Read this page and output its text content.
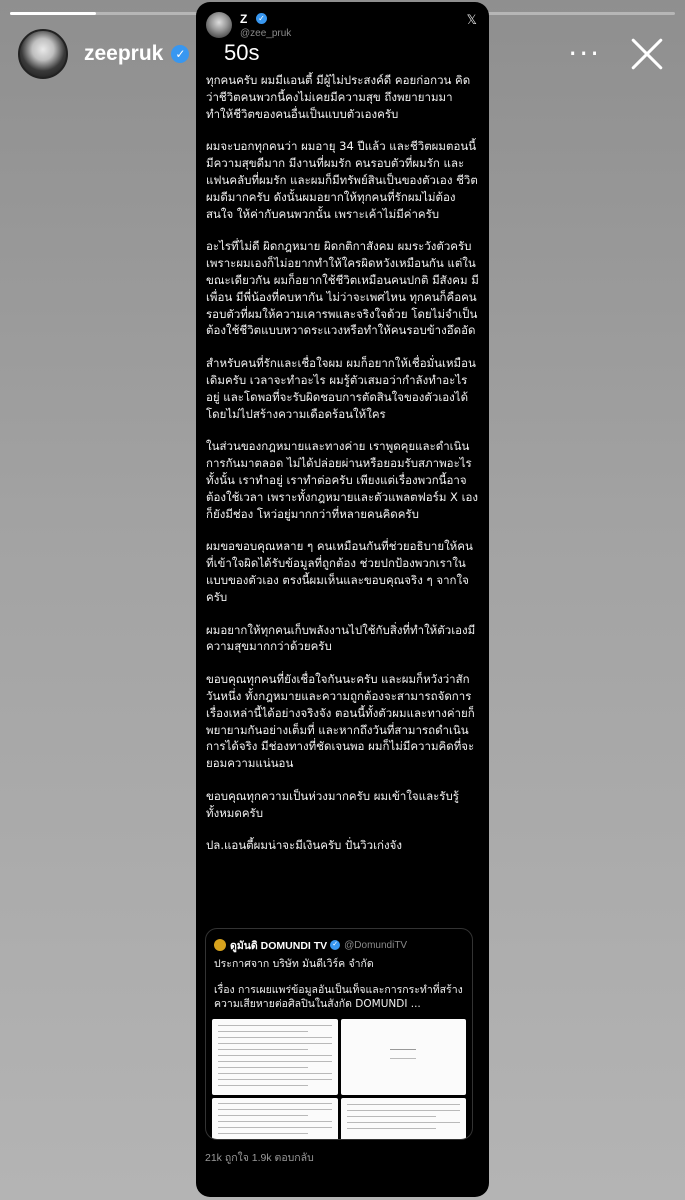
zeepruk ✓	···
Z ✓
@zee_pruk
𝕏
50s

ทุกคนครับ ผมมีแอนตี้ มีผู้ไม่ประสงค์ดี คอยก่อกวน คิดว่าชีวิตคนพวกนี้คงไม่เคยมีความสุข ถึงพยายามมาทำให้ชีวิตของคนอื่นเป็นแบบตัวเองครับ

ผมจะบอกทุกคนว่า ผมอายุ 34 ปีแล้ว และชีวิตผมตอนนี้มีความสุขดีมาก มีงานที่ผมรัก คนรอบตัวที่ผมรัก และแฟนคลับที่ผมรัก และผมก็มีทรัพย์สินเป็นของตัวเอง ชีวิตผมดีมากครับ ดังนั้นผมอยากให้ทุกคนที่รักผมไม่ต้องสนใจ ให้ค่ากับคนพวกนั้น เพราะเค้าไม่มีค่าครับ

อะไรที่ไม่ดี ผิดกฎหมาย ผิดกติกาสังคม ผมระวังตัวครับ เพราะผมเองก็ไม่อยากทำให้ใครผิดหวังเหมือนกัน แต่ในขณะเดียวกัน ผมก็อยากใช้ชีวิตเหมือนคนปกติ มีสังคม มีเพื่อน มีพี่น้องที่คบหากัน ไม่ว่าจะเพศไหน ทุกคนก็คือคนรอบตัวที่ผมให้ความเคารพและจริงใจด้วย โดยไม่จำเป็นต้องใช้ชีวิตแบบหวาดระแวงหรือทำให้คนรอบข้างอึดอัด

สำหรับคนที่รักและเชื่อใจผม ผมก็อยากให้เชื่อมั่นเหมือนเดิมครับ เวลาจะทำอะไร ผมรู้ตัวเสมอว่ากำลังทำอะไรอยู่ และโดพอที่จะรับผิดชอบการตัดสินใจของตัวเองได้ โดยไม่ไปสร้างความเดือดร้อนให้ใคร

ในส่วนของกฎหมายและทางค่าย เราพูดคุยและดำเนินการกันมาตลอด ไม่ได้ปล่อยผ่านหรือยอมรับสภาพอะไรทั้งนั้น เราทำอยู่ เราทำต่อครับ เพียงแต่เรื่องพวกนี้อาจต้องใช้เวลา เพราะทั้งกฎหมายและตัวแพลตฟอร์ม X เองก็ยังมีช่อง โหว่อยู่มากกว่าที่หลายคนคิดครับ

ผมขอขอบคุณหลาย ๆ คนเหมือนกันที่ช่วยอธิบายให้คนที่เข้าใจผิดได้รับข้อมูลที่ถูกต้อง ช่วยปกป้องพวกเราในแบบของตัวเอง ตรงนี้ผมเห็นและขอบคุณจริง ๆ จากใจครับ

ผมอยากให้ทุกคนเก็บพลังงานไปใช้กับสิ่งที่ทำให้ตัวเองมีความสุขมากกว่าด้วยครับ

ขอบคุณทุกคนที่ยังเชื่อใจกันนะครับ และผมก็หวังว่าสักวันหนึ่ง ทั้งกฎหมายและความถูกต้องจะสามารถจัดการเรื่องเหล่านี้ได้อย่างจริงจัง ตอนนี้ทั้งตัวผมและทางค่ายก็พยายามกันอย่างเต็มที่ และหากถึงวันที่สามารถดำเนินการได้จริง มีช่องทางที่ชัดเจนพอ ผมก็ไม่มีความคิดที่จะยอมความแน่นอน

ขอบคุณทุกความเป็นห่วงมากครับ ผมเข้าใจและรับรู้ทั้งหมดครับ

ปล.แอนตี้ผมน่าจะมีเงินครับ ปั่นวิวเก่งจัง

ดูมันดิ DOMUNDI TV ✓ @DomundiTV
ประกาศจาก บริษัท มันดีเวิร์ค จำกัด
เรื่อง การเผยแพร่ข้อมูลอันเป็นเท็จและการกระทำที่สร้างความเสียหายต่อศิลปินในสังกัด DOMUNDI ...
21k ถูกใจ 1.9k ตอบกลับ
